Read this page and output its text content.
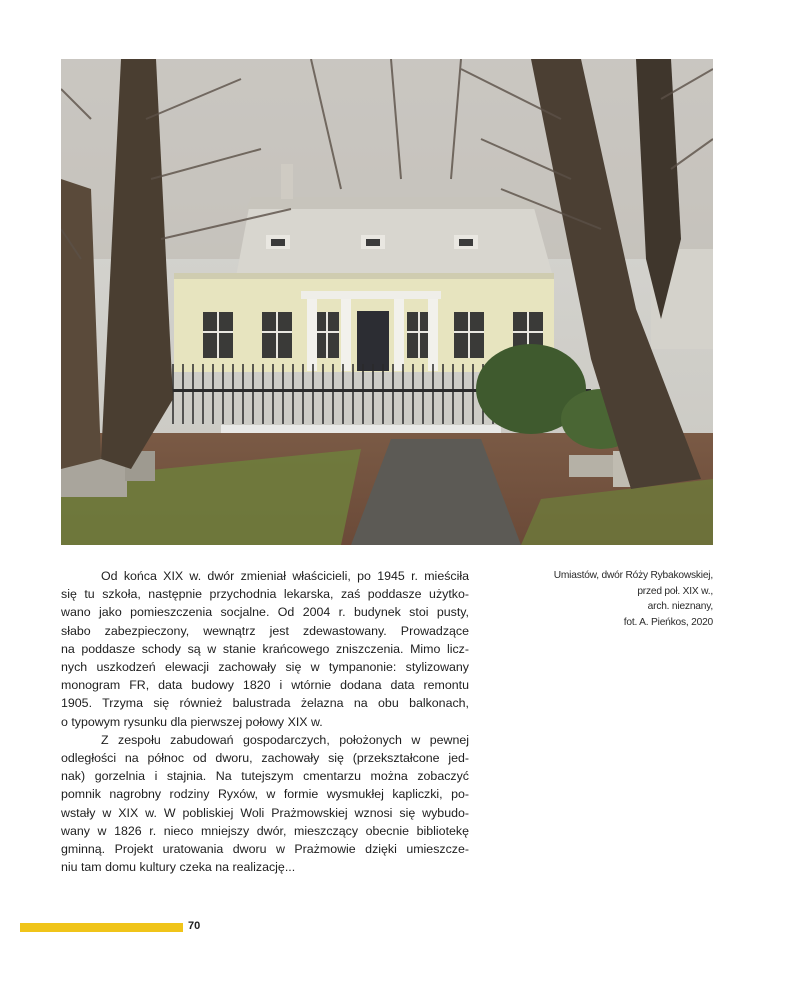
Umiastów, dwór Róży Rybakowskiej,
przed poł. XIX w.,
arch. nieznany,
fot. A. Pieńkos, 2020
Od końca XIX w. dwór zmieniał właścicieli, po 1945 r. mieściła
się tu szkoła, następnie przychodnia lekarska, zaś poddasze użytko-
wano jako pomieszczenia socjalne. Od 2004 r. budynek stoi pusty,
słabo zabezpieczony, wewnątrz jest zdewastowany. Prowadzące
na poddasze schody są w stanie krańcowego zniszczenia. Mimo licz-
nych uszkodzeń elewacji zachowały się w tympanonie: stylizowany
monogram FR, data budowy 1820 i wtórnie dodana data remontu
1905. Trzyma się również balustrada żelazna na obu balkonach,
o typowym rysunku dla pierwszej połowy XIX w.
Z zespołu zabudowań gospodarczych, położonych w pewnej
odległości na północ od dworu, zachowały się (przekształcone jed-
nak) gorzelnia i stajnia. Na tutejszym cmentarzu można zobaczyć
pomnik nagrobny rodziny Ryxów, w formie wysmukłej kapliczki, po-
wstały w XIX w. W pobliskiej Woli Prażmowskiej wznosi się wybudo-
wany w 1826 r. nieco mniejszy dwór, mieszczący obecnie bibliotekę
gminną. Projekt uratowania dworu w Prażmowie dzięki umieszcze-
niu tam domu kultury czeka na realizację...
70
